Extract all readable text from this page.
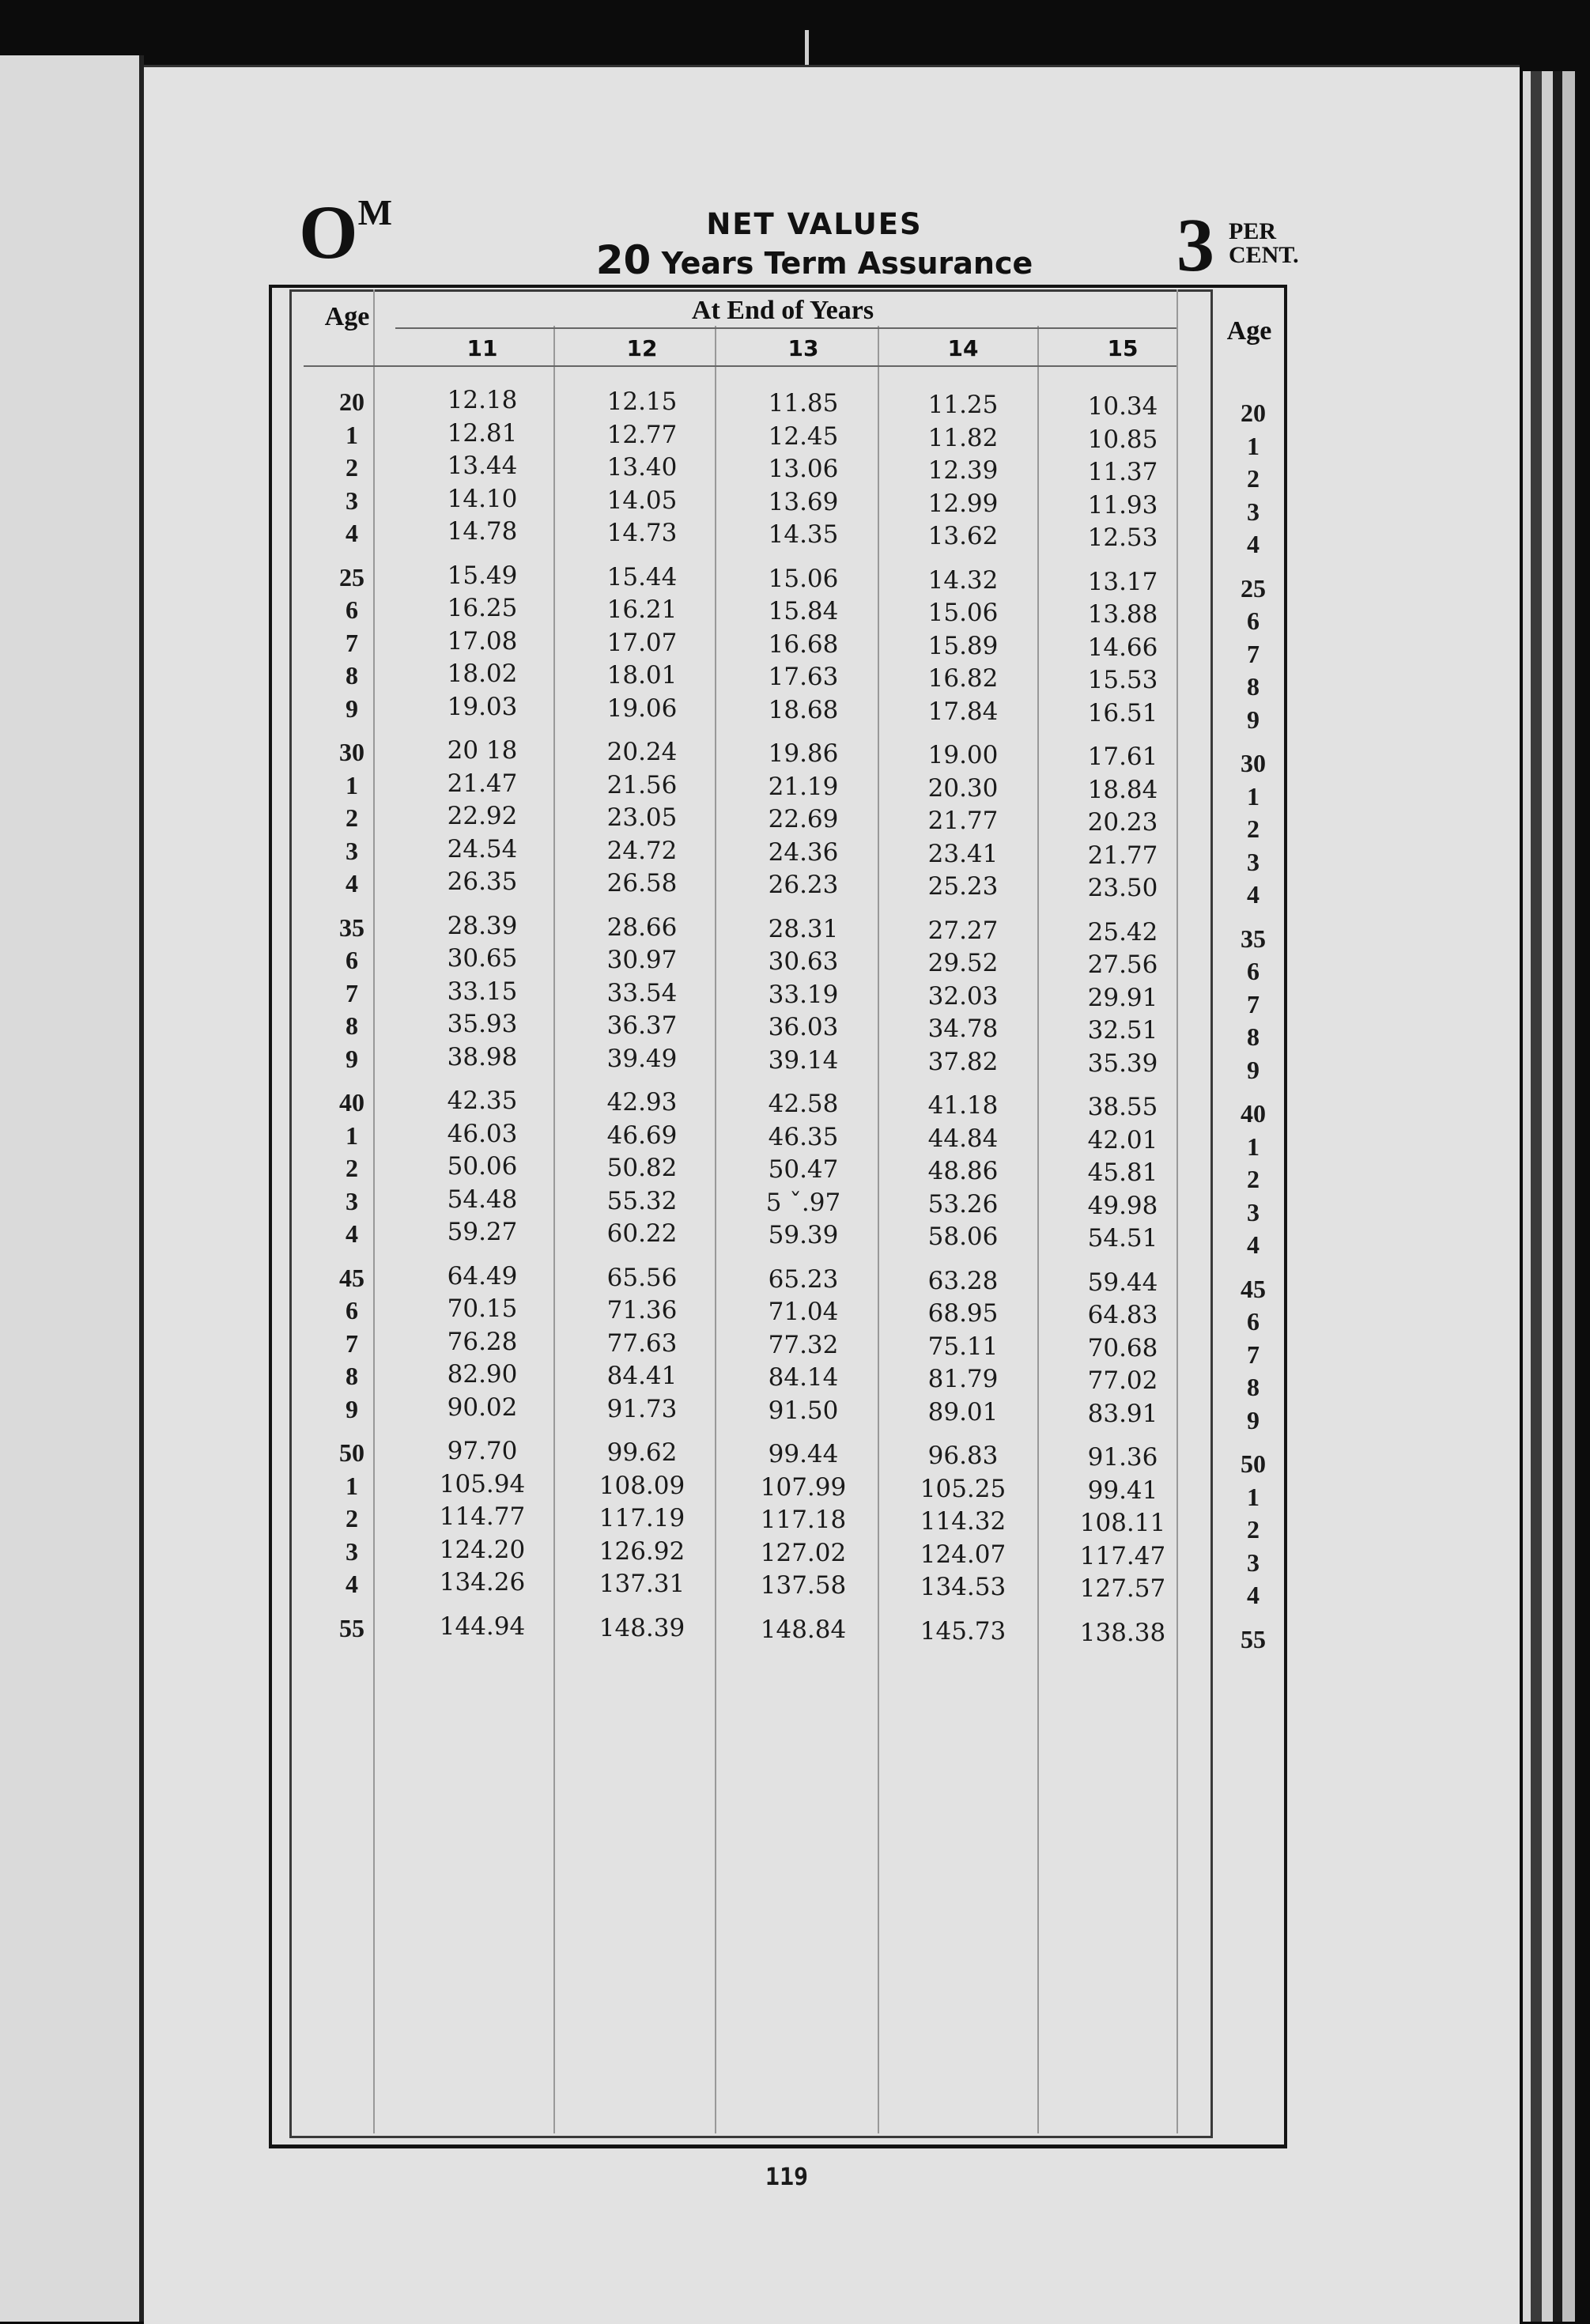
OM	NET VALUES
20 Years Term Assurance	3 PER
CENT.
Age	At End of Years
Age
11	12	13	14	15
20	12.18	12.15	11.85	11.25	10.34	20
1	12.81	12.77	12.45	11.82	10.85	1
2	13.44	13.40	13.06	12.39	11.37	2
3	14.10	14.05	13.69	12.99	11.93	3
4	14.78	14.73	14.35	13.62	12.53	4
25	15.49	15.44	15.06	14.32	13.17	25
6	16.25	16.21	15.84	15.06	13.88	6
7	17.08	17.07	16.68	15.89	14.66	7
8	18.02	18.01	17.63	16.82	15.53	8
9	19.03	19.06	18.68	17.84	16.51	9
30	20 18	20.24	19.86	19.00	17.61	30
1	21.47	21.56	21.19	20.30	18.84	1
2	22.92	23.05	22.69	21.77	20.23	2
3	24.54	24.72	24.36	23.41	21.77	3
4	26.35	26.58	26.23	25.23	23.50	4
35	28.39	28.66	28.31	27.27	25.42	35
6	30.65	30.97	30.63	29.52	27.56	6
7	33.15	33.54	33.19	32.03	29.91	7
8	35.93	36.37	36.03	34.78	32.51	8
9	38.98	39.49	39.14	37.82	35.39	9
40	42.35	42.93	42.58	41.18	38.55	40
1	46.03	46.69	46.35	44.84	42.01	1
2	50.06	50.82	50.47	48.86	45.81	2
3	54.48	55.32	5 ˇ.97	53.26	49.98	3
4	59.27	60.22	59.39	58.06	54.51	4
45	64.49	65.56	65.23	63.28	59.44	45
6	70.15	71.36	71.04	68.95	64.83	6
7	76.28	77.63	77.32	75.11	70.68	7
8	82.90	84.41	84.14	81.79	77.02	8
9	90.02	91.73	91.50	89.01	83.91	9
50	97.70	99.62	99.44	96.83	91.36	50
1	105.94	108.09	107.99	105.25	99.41	1
2	114.77	117.19	117.18	114.32	108.11	2
3	124.20	126.92	127.02	124.07	117.47	3
4	134.26	137.31	137.58	134.53	127.57	4
55	144.94	148.39	148.84	145.73	138.38	55
119
